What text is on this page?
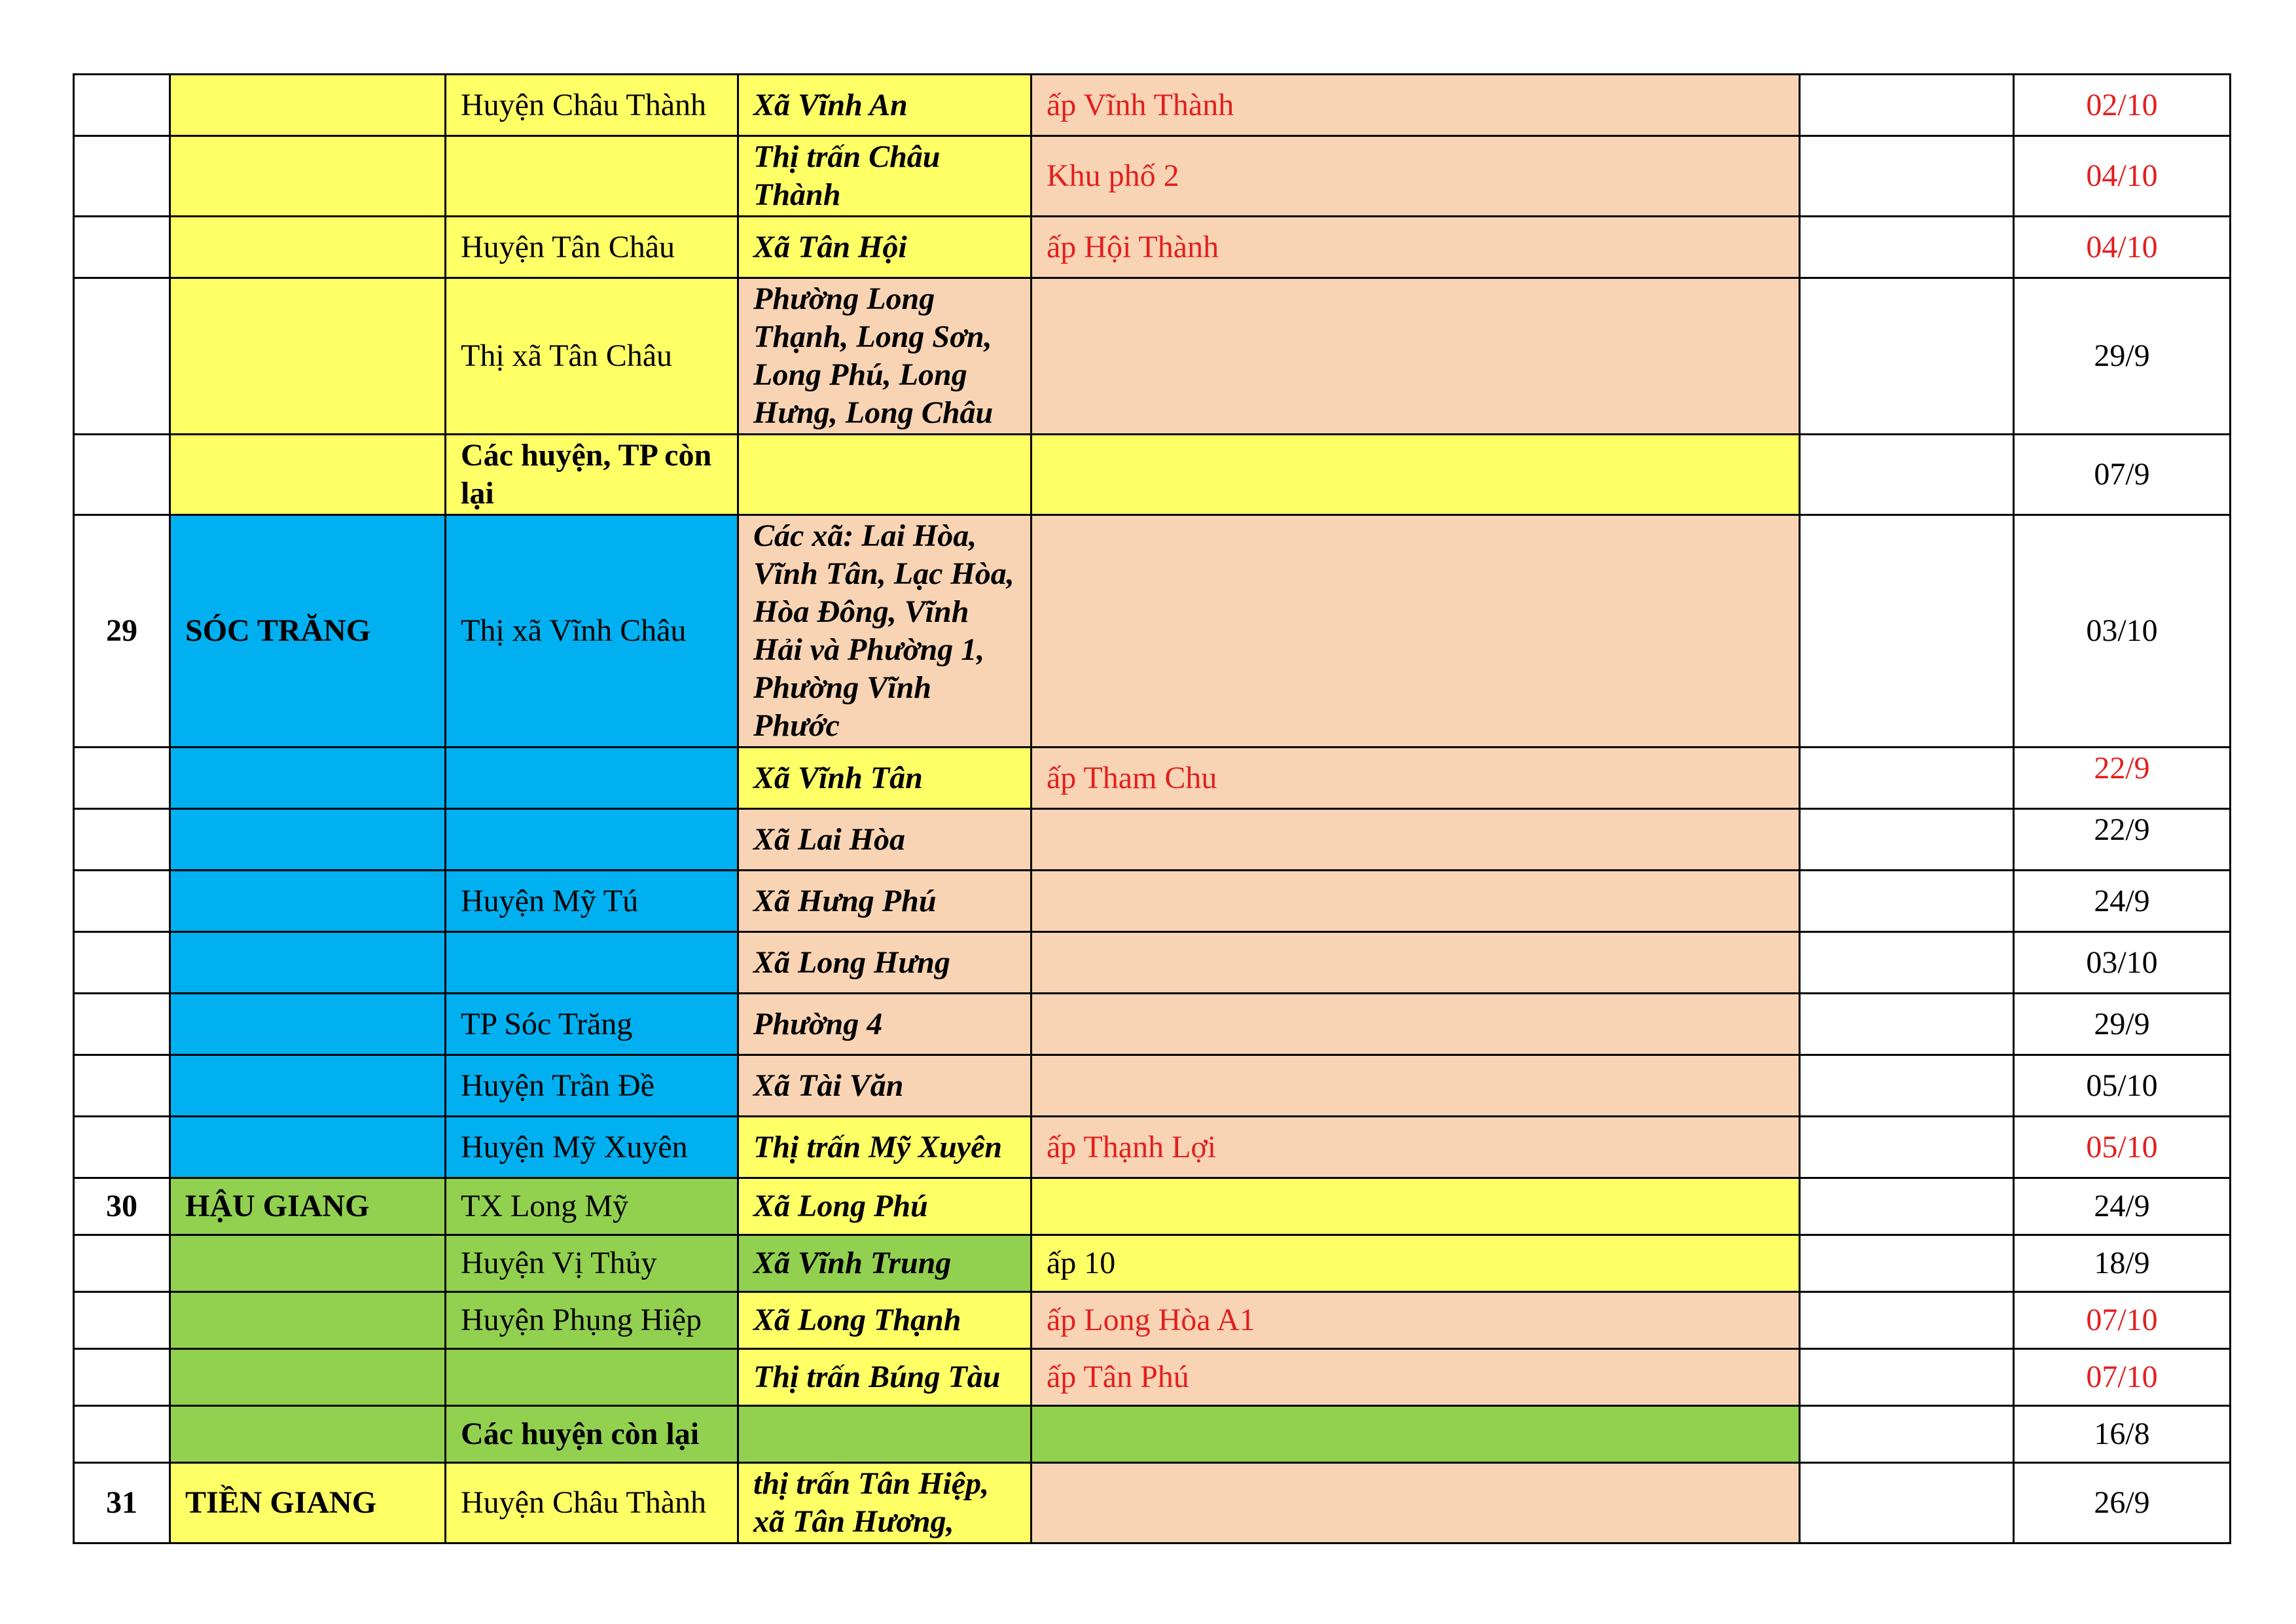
		Huyện Châu Thành	Xã Vĩnh An	ấp Vĩnh Thành		02/10
			Thị trấn Châu Thành	Khu phố 2		04/10
		Huyện Tân Châu	Xã Tân Hội	ấp Hội Thành		04/10
		Thị xã Tân Châu	Phường Long Thạnh, Long Sơn, Long Phú, Long Hưng, Long Châu			29/9
		Các huyện, TP còn lại				07/9
29	SÓC TRĂNG	Thị xã Vĩnh Châu	Các xã: Lai Hòa, Vĩnh Tân, Lạc Hòa, Hòa Đông, Vĩnh Hải và Phường 1, Phường Vĩnh Phước			03/10
			Xã Vĩnh Tân	ấp Tham Chu		22/9
			Xã Lai Hòa			22/9
		Huyện Mỹ Tú	Xã Hưng Phú			24/9
			Xã Long Hưng			03/10
		TP Sóc Trăng	Phường 4			29/9
		Huyện Trần Đề	Xã Tài Văn			05/10
		Huyện Mỹ Xuyên	Thị trấn Mỹ Xuyên	ấp Thạnh Lợi		05/10
30	HẬU GIANG	TX Long Mỹ	Xã Long Phú			24/9
		Huyện Vị Thủy	Xã Vĩnh Trung	ấp 10		18/9
		Huyện Phụng Hiệp	Xã Long Thạnh	ấp Long Hòa A1		07/10
			Thị trấn Búng Tàu	ấp Tân Phú		07/10
		Các huyện còn lại				16/8
31	TIỀN GIANG	Huyện Châu Thành	thị trấn Tân Hiệp, xã Tân Hương,			26/9
